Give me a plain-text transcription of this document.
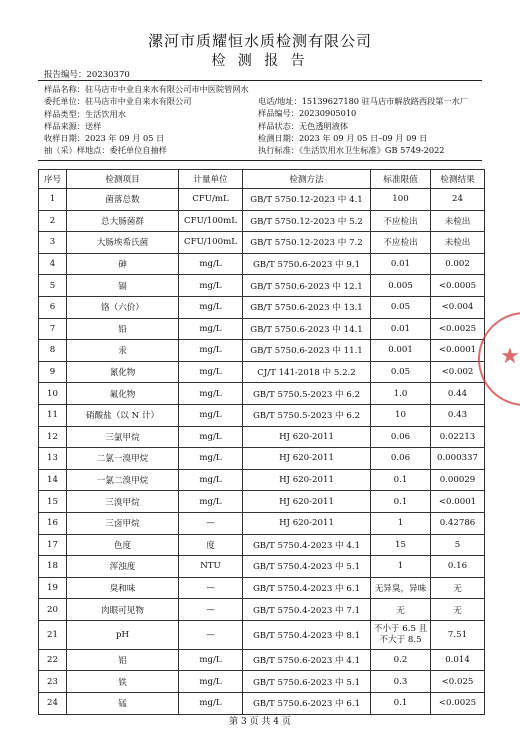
漯河市质耀恒水质检测有限公司
检 测 报 告
报告编号：20230370
样品名称：驻马店市中业自来水有限公司市中医院管网水
委托单位：驻马店市中业自来水有限公司
样品类型：生活饮用水
样品来源：送样
收样日期：2023 年 09 月 05 日
抽（采）样地点：委托单位自抽样
电话/地址：15139627180 驻马店市解放路西段第一水厂
样品编号：20230905010
样品状态：无色透明液体
检测日期：2023 年 09 月 05 日–09 月 09 日
执行标准：《生活饮用水卫生标准》GB 5749-2022
序号	检测项目	计量单位	检测方法	标准限值	检测结果
1	菌落总数	CFU/mL	GB/T 5750.12-2023 中 4.1	100	24
2	总大肠菌群	CFU/100mL	GB/T 5750.12-2023 中 5.2	不应检出	未检出
3	大肠埃希氏菌	CFU/100mL	GB/T 5750.12-2023 中 7.2	不应检出	未检出
4	砷	mg/L	GB/T 5750.6-2023 中 9.1	0.01	0.002
5	镉	mg/L	GB/T 5750.6-2023 中 12.1	0.005	<0.0005
6	铬（六价）	mg/L	GB/T 5750.6-2023 中 13.1	0.05	<0.004
7	铅	mg/L	GB/T 5750.6-2023 中 14.1	0.01	<0.0025
8	汞	mg/L	GB/T 5750.6-2023 中 11.1	0.001	<0.0001
9	氰化物	mg/L	CJ/T 141-2018 中 5.2.2	0.05	<0.002
10	氟化物	mg/L	GB/T 5750.5-2023 中 6.2	1.0	0.44
11	硝酸盐（以 N 计）	mg/L	GB/T 5750.5-2023 中 6.2	10	0.43
12	三氯甲烷	mg/L	HJ 620-2011	0.06	0.02213
13	二氯一溴甲烷	mg/L	HJ 620-2011	0.06	0.000337
14	一氯二溴甲烷	mg/L	HJ 620-2011	0.1	0.00029
15	三溴甲烷	mg/L	HJ 620-2011	0.1	<0.0001
16	三卤甲烷	—	HJ 620-2011	1	0.42786
17	色度	度	GB/T 5750.4-2023 中 4.1	15	5
18	浑浊度	NTU	GB/T 5750.4-2023 中 5.1	1	0.16
19	臭和味	—	GB/T 5750.4-2023 中 6.1	无异臭，异味	无
20	肉眼可见物	—	GB/T 5750.4-2023 中 7.1	无	无
21	pH	—	GB/T 5750.4-2023 中 8.1	不小于 6.5 且不大于 8.5	7.51
22	铝	mg/L	GB/T 5750.6-2023 中 4.1	0.2	0.014
23	铁	mg/L	GB/T 5750.6-2023 中 5.1	0.3	<0.025
24	锰	mg/L	GB/T 5750.6-2023 中 6.1	0.1	<0.0025
★
第 3 页 共 4 页
